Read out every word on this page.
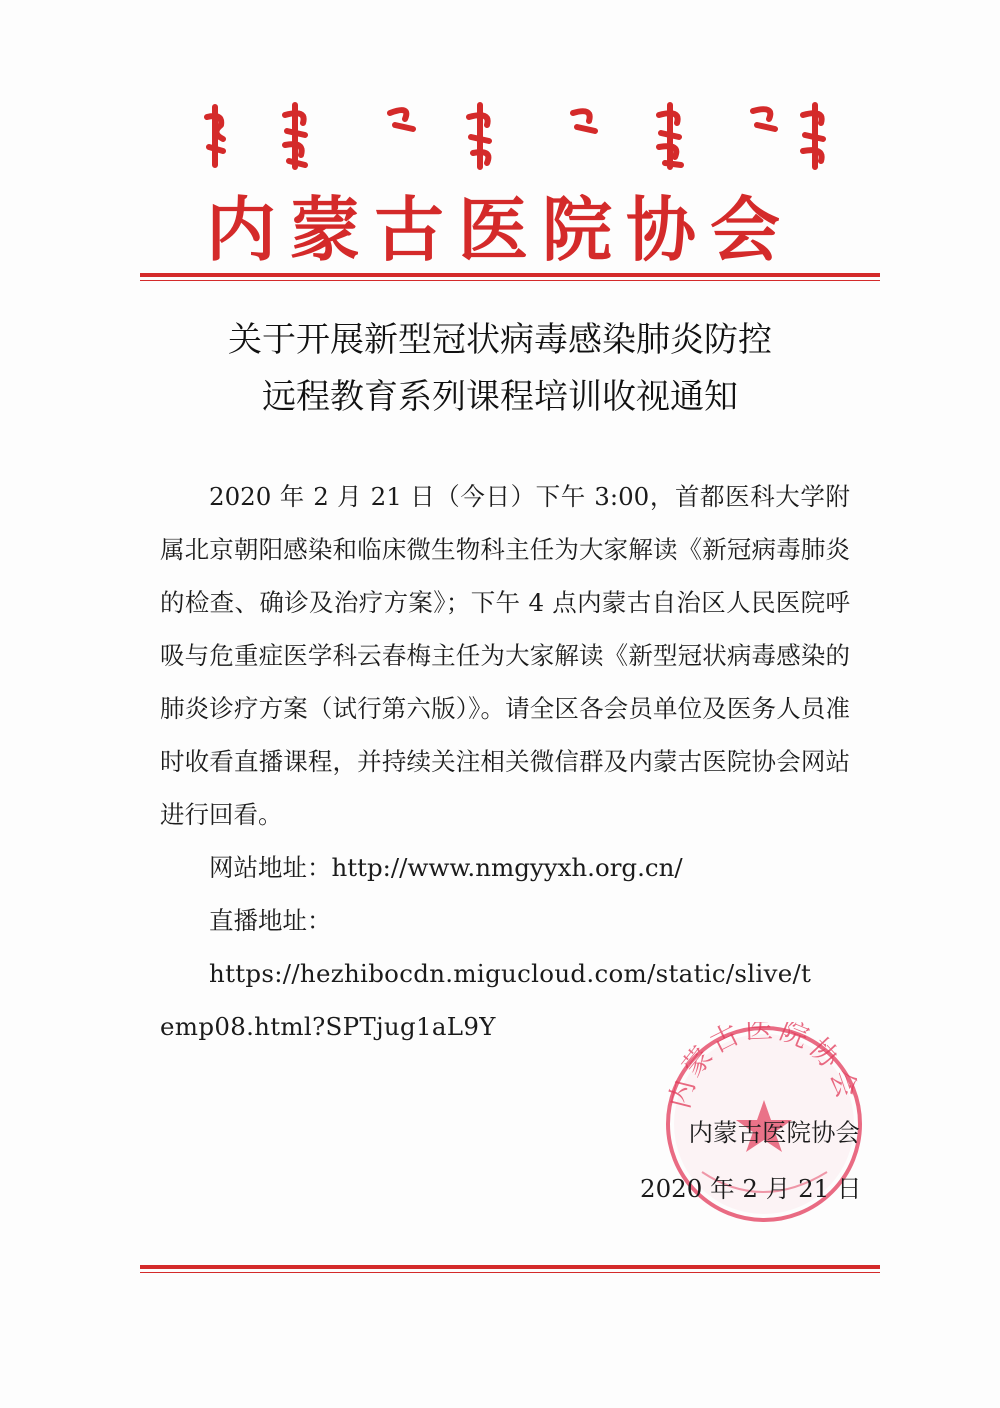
内蒙古医院协会
关于开展新型冠状病毒感染肺炎防控
远程教育系列课程培训收视通知

2020 年 2 月 21 日（今日）下午 3:00，首都医科大学附属北京朝阳感染和临床微生物科主任为大家解读《新冠病毒肺炎的检查、确诊及治疗方案》；下午 4 点内蒙古自治区人民医院呼吸与危重症医学科云春梅主任为大家解读《新型冠状病毒感染的肺炎诊疗方案（试行第六版）》。请全区各会员单位及医务人员准时收看直播课程，并持续关注相关微信群及内蒙古医院协会网站进行回看。

网站地址：http://www.nmgyyxh.org.cn/
直播地址：
https://hezhibocdn.migucloud.com/static/slive/t
emp08.html?SPTjug1aL9Y
内蒙古医院协会
内蒙古医院协会
2020 年 2 月 21 日
